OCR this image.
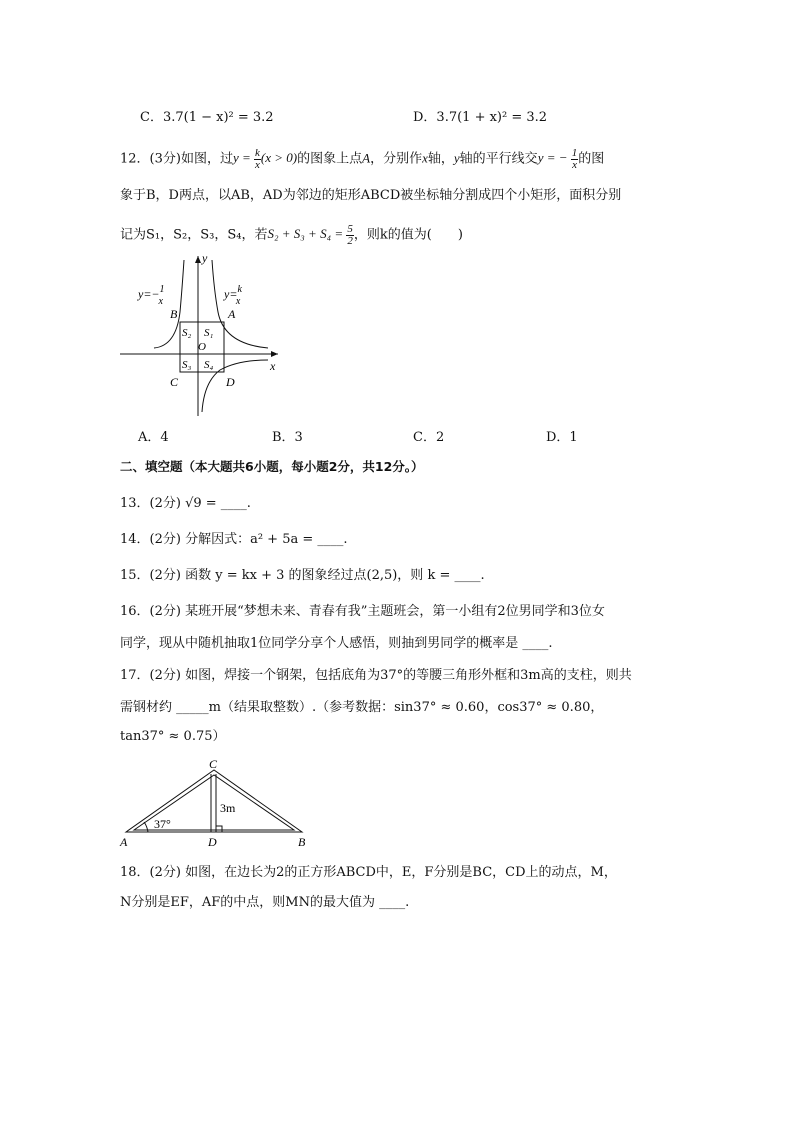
C．3.7(1 − x)² = 3.2	D．3.7(1 + x)² = 3.2
12．(3分)如图，过$y = \frac{k}{x} (x > 0)$的图象上点A，分别作x轴，y轴的平行线交y = − $\frac{1}{x}$ 的图
象于B，D两点，以AB，AD为邻边的矩形ABCD被坐标轴分割成四个小矩形，面积分别
记为S₁，S₂，S₃，S₄，若$S_2 + S_3 + S_4 = \frac{5}{2}$ ，则k的值为(　　)
y=−$^1$ x
y=$^k$ x
B	A
C	D
S₁
S₂
S₃ S₄
O
x
y
A．4	B．3	C．2	D．1
二、填空题（本大题共6小题，每小题2分，共12分。）
13．(2分) √9 = ____.
14．(2分) 分解因式：a² + 5a = ____.
15．(2分) 函数 y = kx + 3 的图象经过点(2,5)，则 k = ____.
16．(2分) 某班开展“梦想未来、青春有我”主题班会，第一小组有2位男同学和3位女
同学，现从中随机抽取1位同学分享个人感悟，则抽到男同学的概率是 ____.
17．(2分) 如图，焊接一个钢架，包括底角为37°的等腰三角形外框和3m高的支柱，则共
需钢材约 _____m（结果取整数）.（参考数据：sin37° ≈ 0.60，cos37° ≈ 0.80，
tan37° ≈ 0.75）
C
A	D	B
37°
3m
18．(2分) 如图，在边长为2的正方形ABCD中，E，F分别是BC，CD上的动点，M，
N分别是EF，AF的中点，则MN的最大值为 ____.
